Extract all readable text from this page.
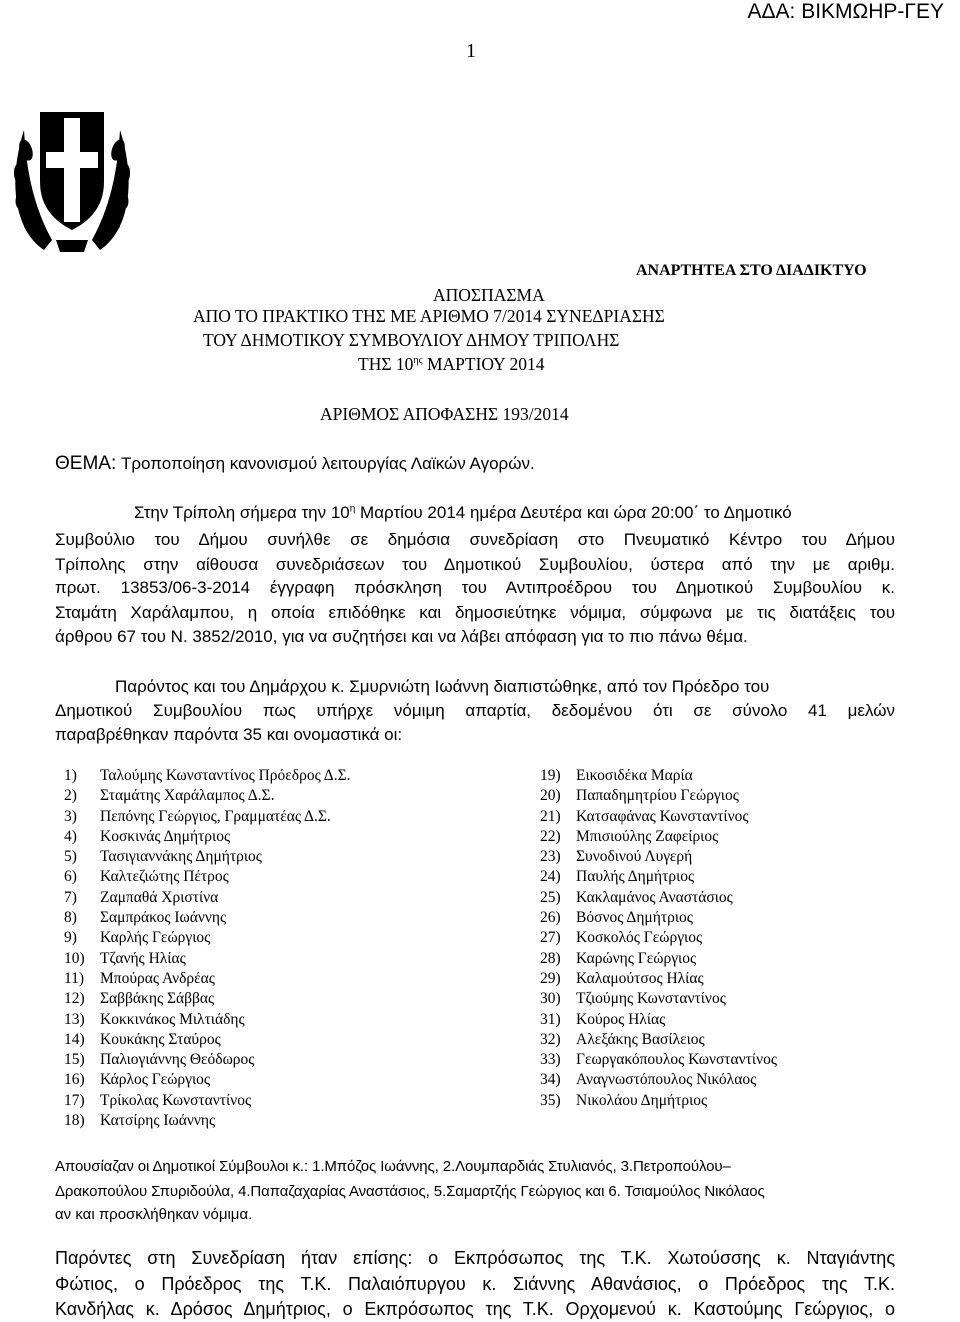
ΑΔΑ: ΒΙΚΜΩΗΡ-ΓΕΥ
1
ΑΝΑΡΤΗΤΕΑ ΣΤΟ ΔΙΑΔΙΚΤΥΟ
ΑΠΟΣΠΑΣΜΑ
ΑΠΟ ΤΟ ΠΡΑΚΤΙΚΟ ΤΗΣ ΜΕ ΑΡΙΘΜΟ 7/2014 ΣΥΝΕΔΡΙΑΣΗΣ
ΤΟΥ ΔΗΜΟΤΙΚΟΥ ΣΥΜΒΟΥΛΙΟΥ ΔΗΜΟΥ ΤΡΙΠΟΛΗΣ
ΤΗΣ $10^{\eta\varsigma}$ ΜΑΡΤΙΟΥ 2014
ΑΡΙΘΜΟΣ ΑΠΟΦΑΣΗΣ 193/2014
ΘΕΜΑ: Τροποποίηση κανονισμού λειτουργίας Λαϊκών Αγορών.
Στην Τρίπολη σήμερα την $10^\eta$ Μαρτίου 2014 ημέρα Δευτέρα και ώρα 20:00΄ το Δημοτικό
Συμβούλιο του Δήμου συνήλθε σε δημόσια συνεδρίαση στο Πνευματικό Κέντρο του Δήμου
Τρίπολης στην αίθουσα συνεδριάσεων του Δημοτικού Συμβουλίου, ύστερα από την με αριθμ.
πρωτ. 13853/06-3-2014 έγγραφη πρόσκληση του Αντιπροέδρου του Δημοτικού Συμβουλίου κ.
Σταμάτη Χαράλαμπου, η οποία επιδόθηκε και δημοσιεύτηκε νόμιμα, σύμφωνα με τις διατάξεις του
άρθρου 67 του Ν. 3852/2010, για να συζητήσει και να λάβει απόφαση για το πιο πάνω θέμα.
Παρόντος και του Δημάρχου κ. Σμυρνιώτη Ιωάννη διαπιστώθηκε, από τον Πρόεδρο του
Δημοτικού Συμβουλίου πως υπήρχε νόμιμη απαρτία, δεδομένου ότι σε σύνολο 41 μελών
παραβρέθηκαν παρόντα 35 και ονομαστικά οι:
1)	Ταλούμης Κωνσταντίνος Πρόεδρος Δ.Σ.
2)	Σταμάτης Χαράλαμπος Δ.Σ.
3)	Πεπόνης Γεώργιος, Γραμματέας Δ.Σ.
4)	Κοσκινάς Δημήτριος
5)	Τασιγιαννάκης Δημήτριος
6)	Καλτεζιώτης Πέτρος
7)	Ζαμπαθά Χριστίνα
8)	Σαμπράκος Ιωάννης
9)	Καρλής Γεώργιος
10) Τζανής Ηλίας
11)	Μπούρας Ανδρέας
12) Σαββάκης Σάββας
13) Κοκκινάκος Μιλτιάδης
14) Κουκάκης Σταύρος
15) Παλιογιάννης Θεόδωρος
16) Κάρλος Γεώργιος
17) Τρίκολας Κωνσταντίνος
18) Κατσίρης Ιωάννης
19) Εικοσιδέκα Μαρία
20) Παπαδημητρίου Γεώργιος
21) Κατσαφάνας Κωνσταντίνος
22) Μπισιούλης Ζαφείριος
23) Συνοδινού Λυγερή
24) Παυλής Δημήτριος
25) Κακλαμάνος Αναστάσιος
26) Βόσνος Δημήτριος
27) Κοσκολός Γεώργιος
28) Καρώνης Γεώργιος
29) Καλαμούτσος Ηλίας
30) Τζιούμης Κωνσταντίνος
31) Κούρος Ηλίας
32) Αλεξάκης Βασίλειος
33) Γεωργακόπουλος Κωνσταντίνος
34) Αναγνωστόπουλος Νικόλαος
35) Νικολάου Δημήτριος
Απουσίαζαν οι Δημοτικοί Σύμβουλοι κ.: 1.Μπόζος Ιωάννης, 2.Λουμπαρδιάς Στυλιανός, 3.Πετροπούλου–
Δρακοπούλου Σπυριδούλα, 4.Παπαζαχαρίας Αναστάσιος, 5.Σαμαρτζής Γεώργιος και 6. Τσιαμούλος Νικόλαος
αν και προσκλήθηκαν νόμιμα.
Παρόντες στη Συνεδρίαση ήταν επίσης: ο Εκπρόσωπος της Τ.Κ. Χωτούσσης κ. Νταγιάντης
Φώτιος, ο Πρόεδρος της Τ.Κ. Παλαιόπυργου κ. Σιάννης Αθανάσιος, ο Πρόεδρος της Τ.Κ.
Κανδήλας κ. Δρόσος Δημήτριος, ο Εκπρόσωπος της Τ.Κ. Ορχομενού κ. Καστούμης Γεώργιος, ο
